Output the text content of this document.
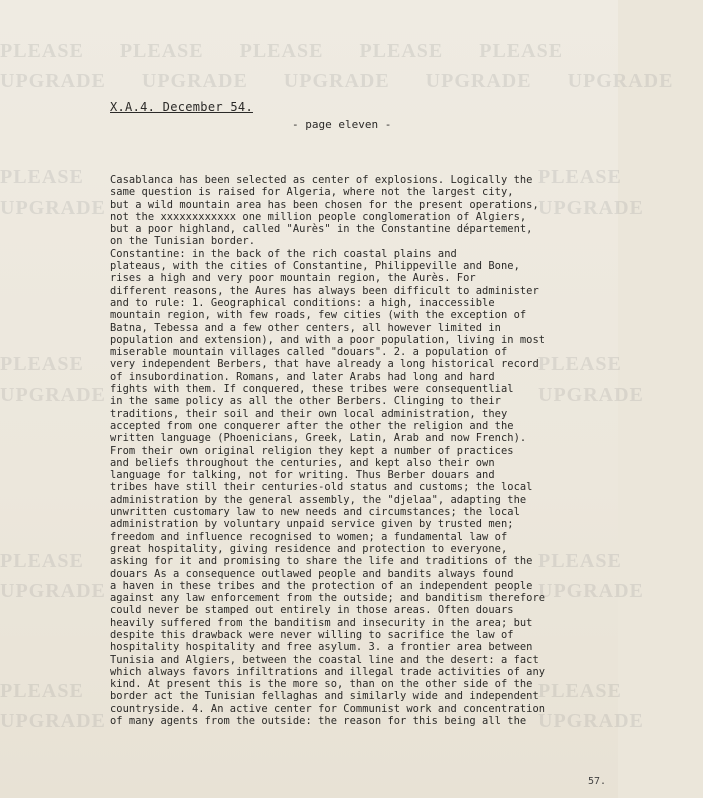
PLEASE PLEASE PLEASE PLEASE PLEASE
UPGRADE UPGRADE UPGRADE UPGRADE UPGRADE
PLEASE
UPGRADE
PLEASE
UPGRADE
PLEASE
UPGRADE
PLEASE
UPGRADE
PLEASE
UPGRADE
PLEASE
UPGRADE
PLEASE
UPGRADE
PLEASE
UPGRADE
X.A.4. December 54.
- page eleven -
Casablanca has been selected as center of explosions. Logically the
same question is raised for Algeria, where not the largest city,
but a wild mountain area has been chosen for the present operations,
not the xxxxxxxxxxxx one million people conglomeration of Algiers,
but a poor highland, called "Aurès" in the Constantine département,
on the Tunisian border.
Constantine: in the back of the rich coastal plains and
plateaus, with the cities of Constantine, Philippeville and Bone,
rises a high and very poor mountain region, the Aurès. For
different reasons, the Aures has always been difficult to administer
and to rule: 1. Geographical conditions: a high, inaccessible
mountain region, with few roads, few cities (with the exception of
Batna, Tebessa and a few other centers, all however limited in
population and extension), and with a poor population, living in most
miserable mountain villages called "douars". 2. a population of
very independent Berbers, that have already a long historical record
of insubordination. Romans, and later Arabs had long and hard
fights with them. If conquered, these tribes were consequentlial
in the same policy as all the other Berbers. Clinging to their
traditions, their soil and their own local administration, they
accepted from one conquerer after the other the religion and the
written language (Phoenicians, Greek, Latin, Arab and now French).
From their own original religion they kept a number of practices
and beliefs throughout the centuries, and kept also their own
language for talking, not for writing. Thus Berber douars and
tribes have still their centuries-old status and customs; the local
administration by the general assembly, the "djelaa", adapting the
unwritten customary law to new needs and circumstances; the local
administration by voluntary unpaid service given by trusted men;
freedom and influence recognised to women; a fundamental law of
great hospitality, giving residence and protection to everyone,
asking for it and promising to share the life and traditions of the
douars As a consequence outlawed people and bandits always found
a haven in these tribes and the protection of an independent people
against any law enforcement from the outside; and banditism therefore
could never be stamped out entirely in those areas. Often douars
heavily suffered from the banditism and insecurity in the area; but
despite this drawback were never willing to sacrifice the law of
hospitality hospitality and free asylum. 3. a frontier area between
Tunisia and Algiers, between the coastal line and the desert: a fact
which always favors infiltrations and illegal trade activities of any
kind. At present this is the more so, than on the other side of the
border act the Tunisian fellaghas and similarly wide and independent
countryside. 4. An active center for Communist work and concentration
of many agents from the outside: the reason for this being all the
57.
